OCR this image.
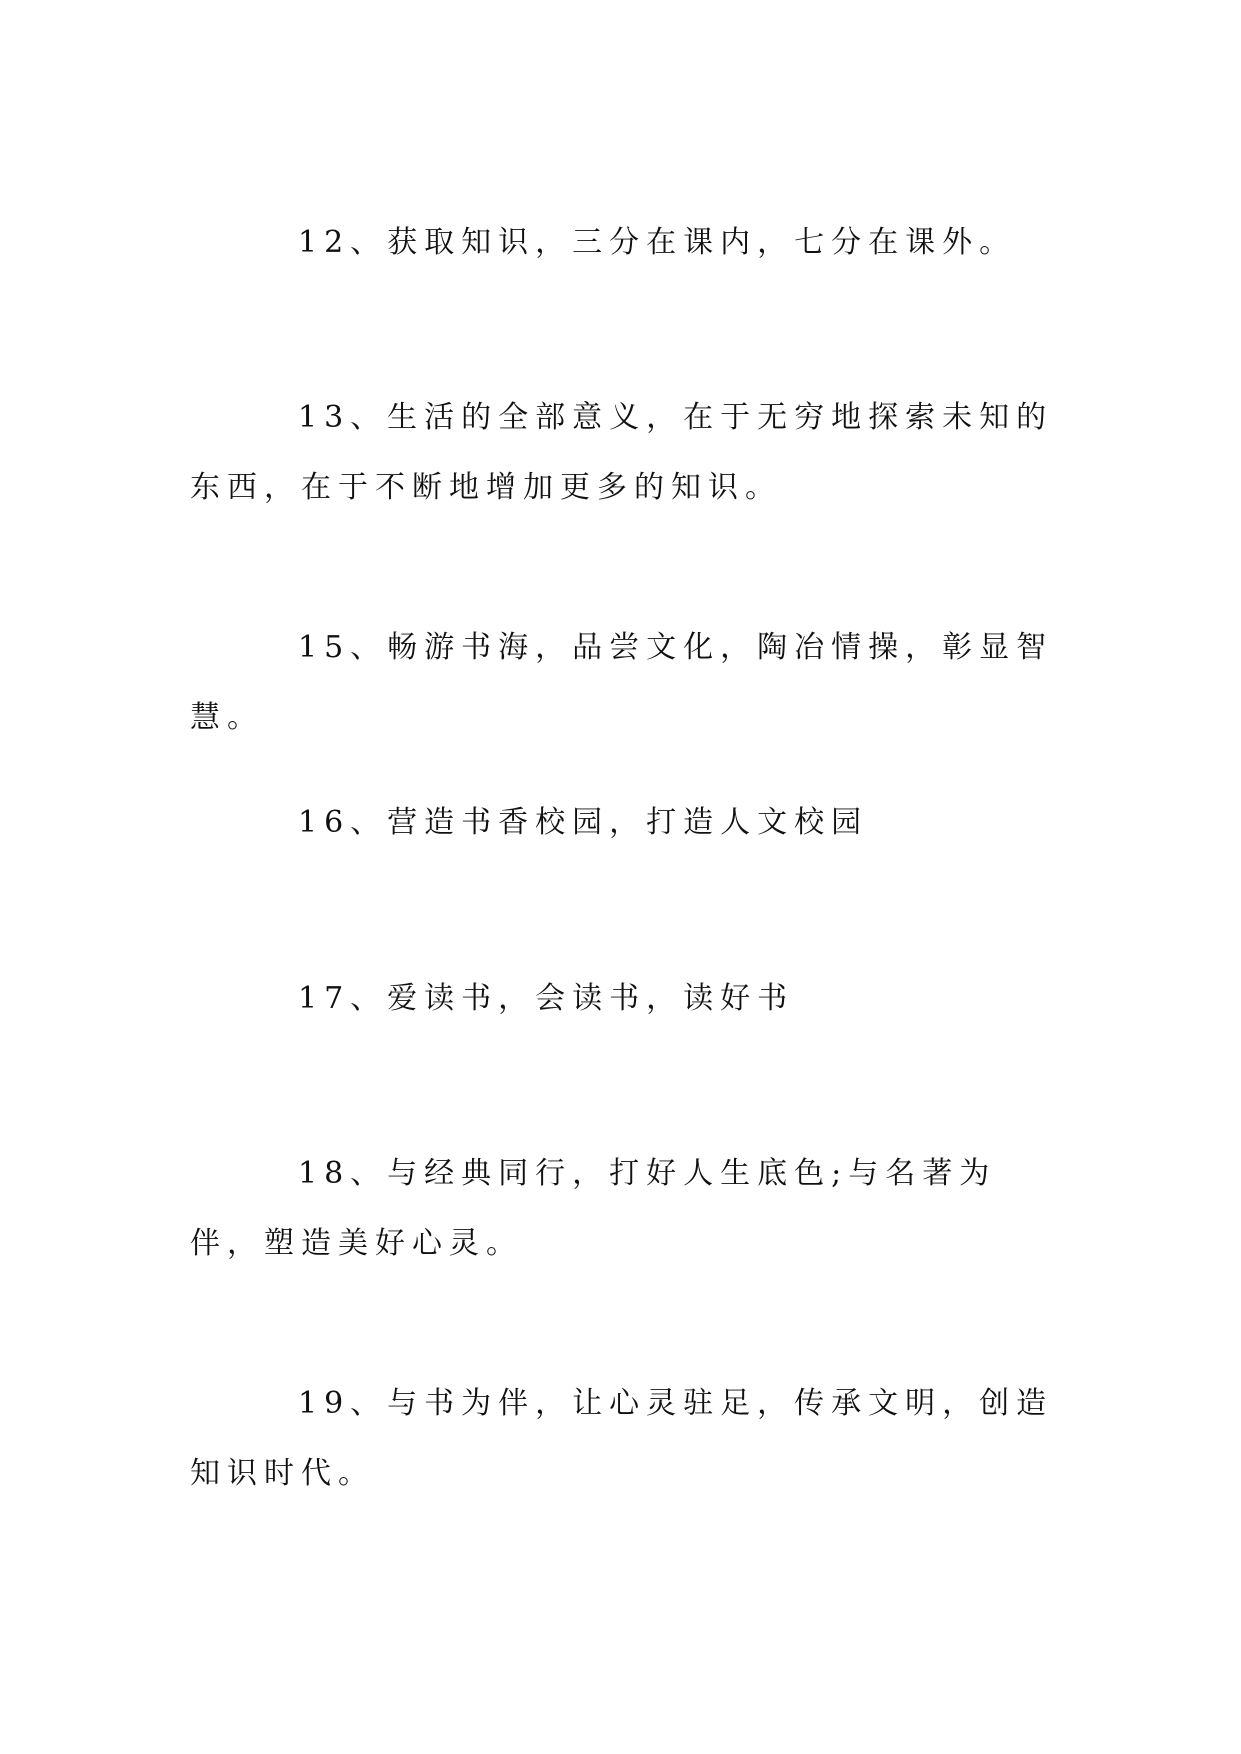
12、获取知识，三分在课内，七分在课外。

13、生活的全部意义，在于无穷地探索未知的东西，在于不断地增加更多的知识。

15、畅游书海，品尝文化，陶冶情操，彰显智慧。

16、营造书香校园，打造人文校园

17、爱读书，会读书，读好书

18、与经典同行，打好人生底色;与名著为伴，塑造美好心灵。

19、与书为伴，让心灵驻足，传承文明，创造知识时代。
